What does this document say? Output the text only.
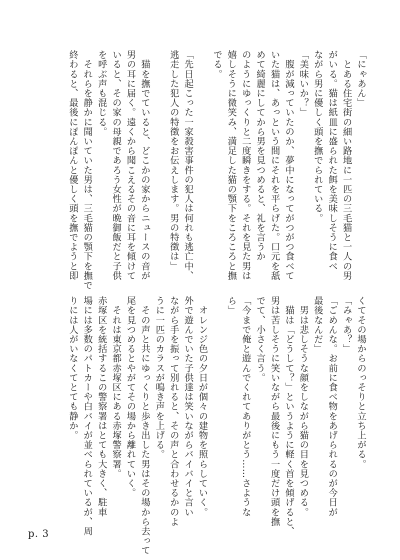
「にゃあん」

　とある住宅街の細い路地に一匹の三毛猫と一人の男

がいる。猫は紙皿に盛られた餌を美味しそうに食べ

ながら男に優しく頭を撫でられている。

「美味いか？」

　腹が減っていたのか、夢中になってがつがつ食べて

いた猫は、あっという間にそれを平らげた。口元を舐

めて綺麗にしてから男を見つめると、礼を言うか

のようにゆっくりと二度瞬きをする。それを見た男は

嬉しそうに微笑み、満足した猫の顎下をころころと撫

でる。

「先日起こった一家殺害事件の犯人は何れも逃亡中、

逃走した犯人の特徴をお伝えします。男の特徴は」

　猫を撫でていると、どこかの家からニュースの音が

男の耳に届く。遠くから聞こえるその音に耳を傾けて

いると、その家の母親であろう女性が晩御飯だと子供

を呼ぶ声も混じる。

　それらを静かに聞いていた男は、三毛猫の顎下を撫で

終わると、最後にぽんぽんと優しく頭を撫でようと即

くてその場からのっそりと立ち上がる。

「みゃあ？」

「ごめんな。お前に食べ物をあげられるのが今日が

最後なんだ」

　男は悲しそうな顔をしながら猫の目を見つめる。

　猫は「どうして？」というように軽く首を傾げると、

男は苦しそうに笑いながら最後にもう一度だけ頭を撫

でて、小さく言う。

「今まで俺と遊んでくれてありがとう……さような

ら」

　オレンジ色の夕日が個々の建物を照らしていく。

外で遊んでいた子供達は笑いながらバイバイと言い

ながら手を振って別れると、その声と合わせるかのよ

うに一匹のカラスが鳴き声を上げる。

　その声と共にゆっくりと歩き出した男はその場から去って

尾を見つめるとやがてその場から離れていく。

　それは東京都赤塚区にある赤塚警察署。

赤塚区を統括するこの警察署はとても大きく、駐車

場には多数のパトカーや白バイが並べられているが、周

りには人がいなくてとても静か。

p. 3
